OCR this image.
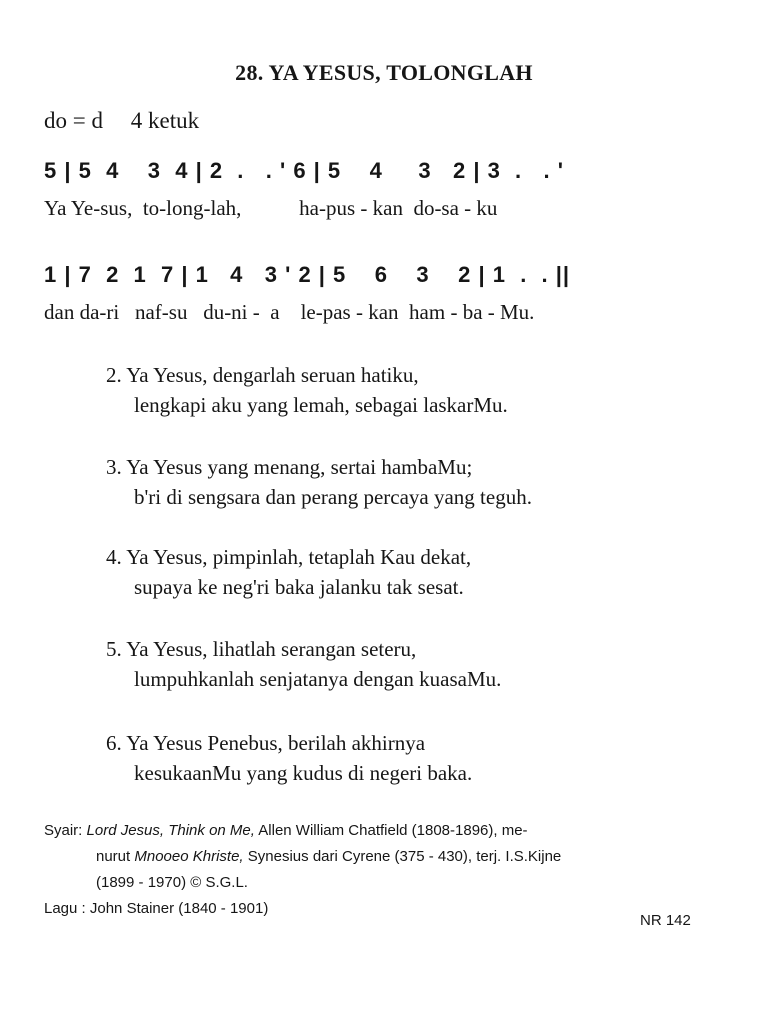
28. YA YESUS, TOLONGLAH
do = d 4 ketuk
5 | 5  4    3  4 | 2  .   . ' 6 | 5    4     3   2 | 3  .   . '
Ya Ye-sus,  to-long-lah,           ha-pus - kan  do-sa - ku
1 | 7  2  1  7 | 1   4   3 ' 2 | 5    6    3    2 | 1  .  . ||
dan da-ri   naf-su   du-ni -  a    le-pas - kan  ham - ba - Mu.
2. Ya Yesus, dengarlah seruan hatiku,
lengkapi aku yang lemah, sebagai laskarMu.
3. Ya Yesus yang menang, sertai hambaMu;
b'ri di sengsara dan perang percaya yang teguh.
4. Ya Yesus, pimpinlah, tetaplah Kau dekat,
supaya ke neg'ri baka jalanku tak sesat.
5. Ya Yesus, lihatlah serangan seteru,
lumpuhkanlah senjatanya dengan kuasaMu.
6. Ya Yesus Penebus, berilah akhirnya
kesukaanMu yang kudus di negeri baka.
Syair: Lord Jesus, Think on Me, Allen William Chatfield (1808-1896), me-
nurut Mnooeo Khriste, Synesius dari Cyrene (375 - 430), terj. I.S.Kijne
(1899 - 1970) © S.G.L.
Lagu : John Stainer (1840 - 1901)
NR 142
